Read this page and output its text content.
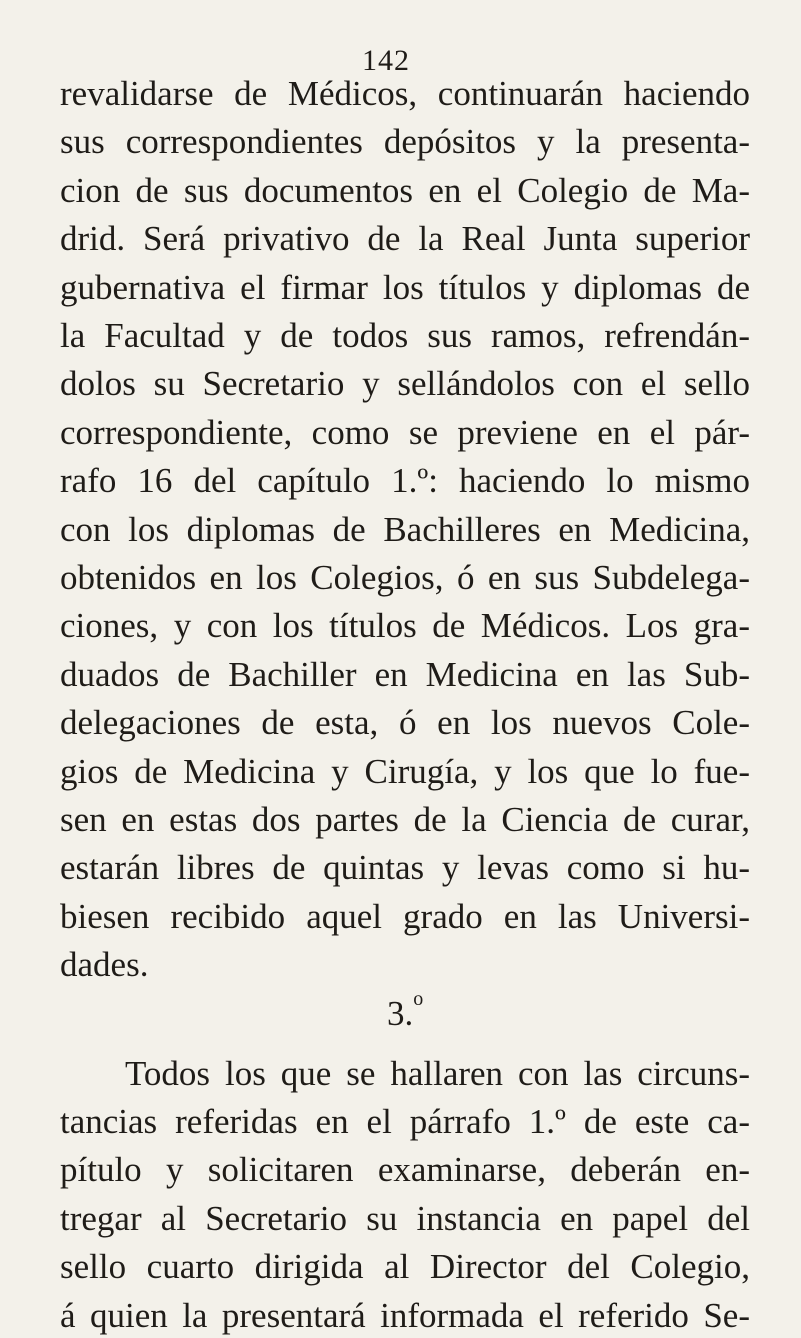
142
revalidarse de Médicos, continuarán haciendo
sus correspondientes depósitos y la presenta-
cion de sus documentos en el Colegio de Ma-
drid. Será privativo de la Real Junta superior
gubernativa el firmar los títulos y diplomas de
la Facultad y de todos sus ramos, refrendán-
dolos su Secretario y sellándolos con el sello
correspondiente, como se previene en el pár-
rafo 16 del capítulo 1.º: haciendo lo mismo
con los diplomas de Bachilleres en Medicina,
obtenidos en los Colegios, ó en sus Subdelega-
ciones, y con los títulos de Médicos. Los gra-
duados de Bachiller en Medicina en las Sub-
delegaciones de esta, ó en los nuevos Cole-
gios de Medicina y Cirugía, y los que lo fue-
sen en estas dos partes de la Ciencia de curar,
estarán libres de quintas y levas como si hu-
biesen recibido aquel grado en las Universi-
dades.
3.$^o$
Todos los que se hallaren con las circuns-
tancias referidas en el párrafo 1.º de este ca-
pítulo y solicitaren examinarse, deberán en-
tregar al Secretario su instancia en papel del
sello cuarto dirigida al Director del Colegio,
á quien la presentará informada el referido Se-
